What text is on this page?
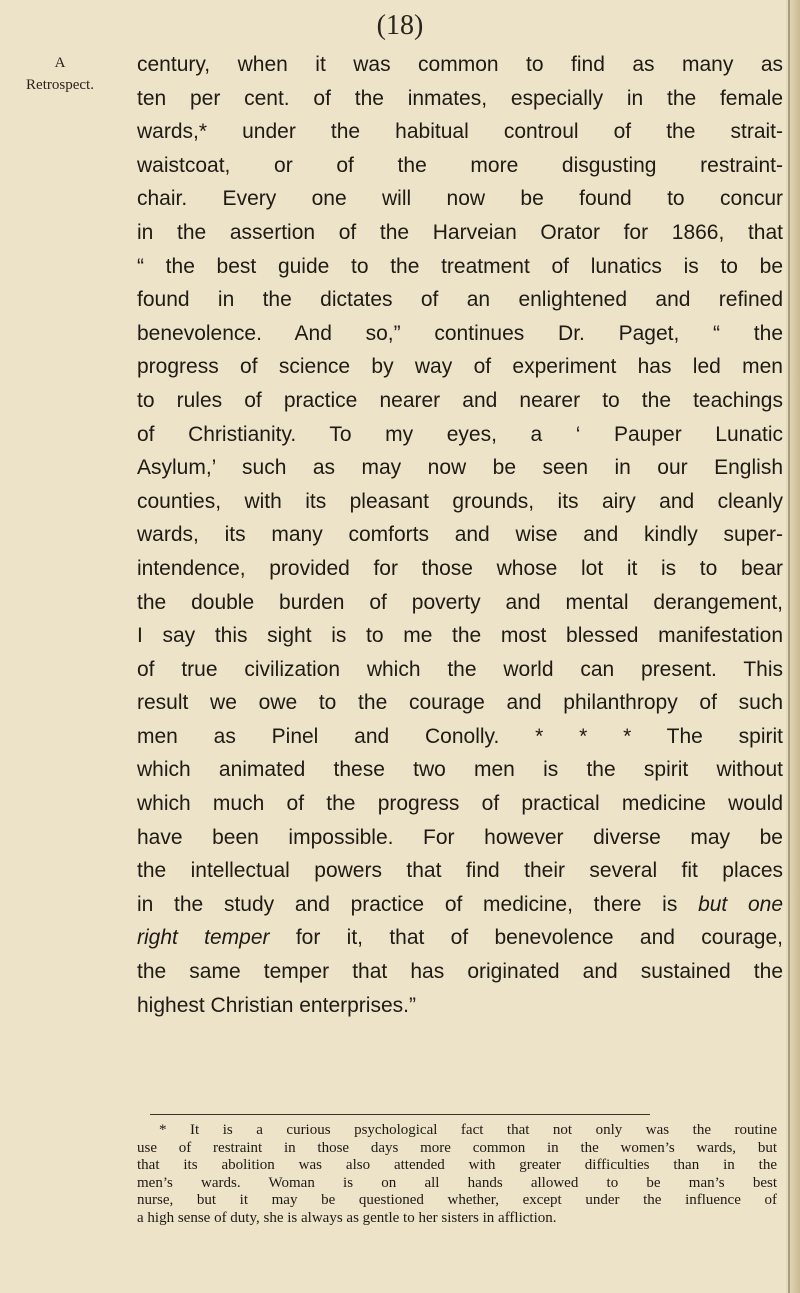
(18)
A
Retrospect.
century, when it was common to find as many as
ten per cent. of the inmates, especially in the female
wards,* under the habitual controul of the strait-
waistcoat, or of the more disgusting restraint-
chair. Every one will now be found to concur
in the assertion of the Harveian Orator for 1866, that
“ the best guide to the treatment of lunatics is to be
found in the dictates of an enlightened and refined
benevolence. And so,” continues Dr. Paget, “ the
progress of science by way of experiment has led men
to rules of practice nearer and nearer to the teachings
of Christianity. To my eyes, a ‘ Pauper Lunatic
Asylum,’ such as may now be seen in our English
counties, with its pleasant grounds, its airy and cleanly
wards, its many comforts and wise and kindly super-
intendence, provided for those whose lot it is to bear
the double burden of poverty and mental derangement,
I say this sight is to me the most blessed manifestation
of true civilization which the world can present. This
result we owe to the courage and philanthropy of such
men as Pinel and Conolly. * * * The spirit
which animated these two men is the spirit without
which much of the progress of practical medicine would
have been impossible. For however diverse may be
the intellectual powers that find their several fit places
in the study and practice of medicine, there is but one
right temper for it, that of benevolence and courage,
the same temper that has originated and sustained the
highest Christian enterprises.”
* It is a curious psychological fact that not only was the routine
use of restraint in those days more common in the women’s wards, but
that its abolition was also attended with greater difficulties than in the
men’s wards. Woman is on all hands allowed to be man’s best
nurse, but it may be questioned whether, except under the influence of
a high sense of duty, she is always as gentle to her sisters in affliction.
